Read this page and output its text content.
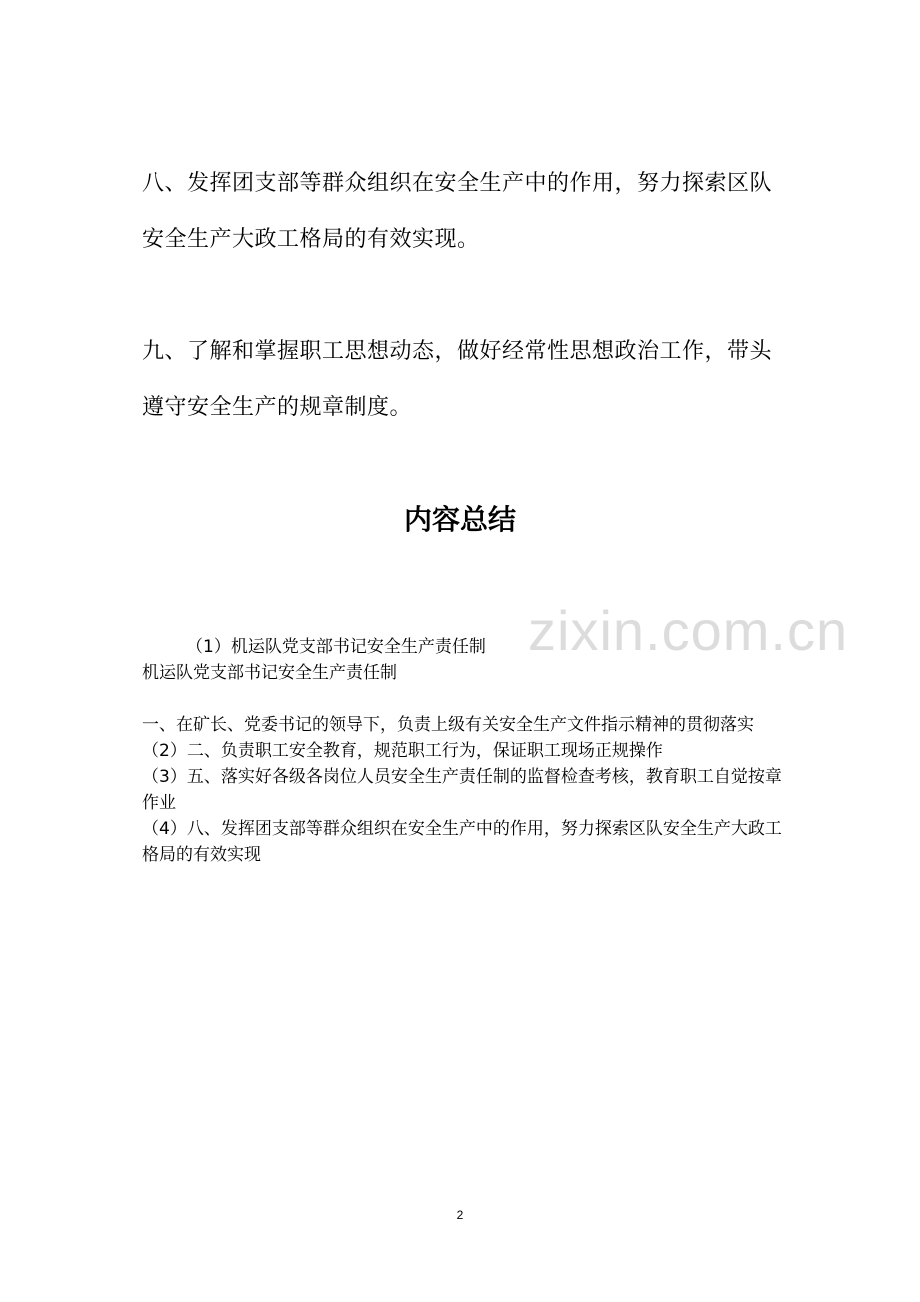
八、发挥团支部等群众组织在安全生产中的作用，努力探索区队安全生产大政工格局的有效实现。

九、了解和掌握职工思想动态，做好经常性思想政治工作，带头遵守安全生产的规章制度。

内容总结
zixin.com.cn
（1）机运队党支部书记安全生产责任制
机运队党支部书记安全生产责任制
一、在矿长、党委书记的领导下，负责上级有关安全生产文件指示精神的贯彻落实
（2）二、负责职工安全教育，规范职工行为，保证职工现场正规操作
（3）五、落实好各级各岗位人员安全生产责任制的监督检查考核，教育职工自觉按章作业
（4）八、发挥团支部等群众组织在安全生产中的作用，努力探索区队安全生产大政工格局的有效实现
2
